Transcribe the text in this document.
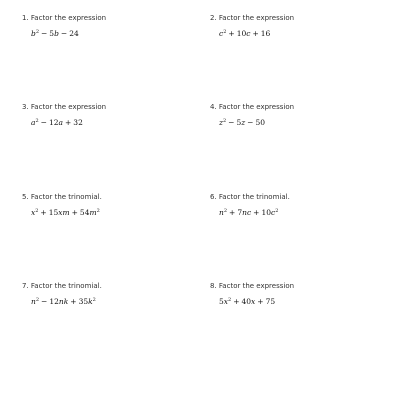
1. Factor the expression
$b^2 - 5b - 24$
2. Factor the expression
$c^2 + 10c + 16$
3. Factor the expression
$a^2 - 12a + 32$
4. Factor the expression
$z^2 - 5z - 50$
5. Factor the trinomial.
$x^2 + 15xm + 54m^2$
6. Factor the trinomial.
$n^2 + 7nc + 10c^2$
7. Factor the trinomial.
$n^2 - 12nk + 35k^2$
8. Factor the expression
$5x^2 + 40x + 75$
